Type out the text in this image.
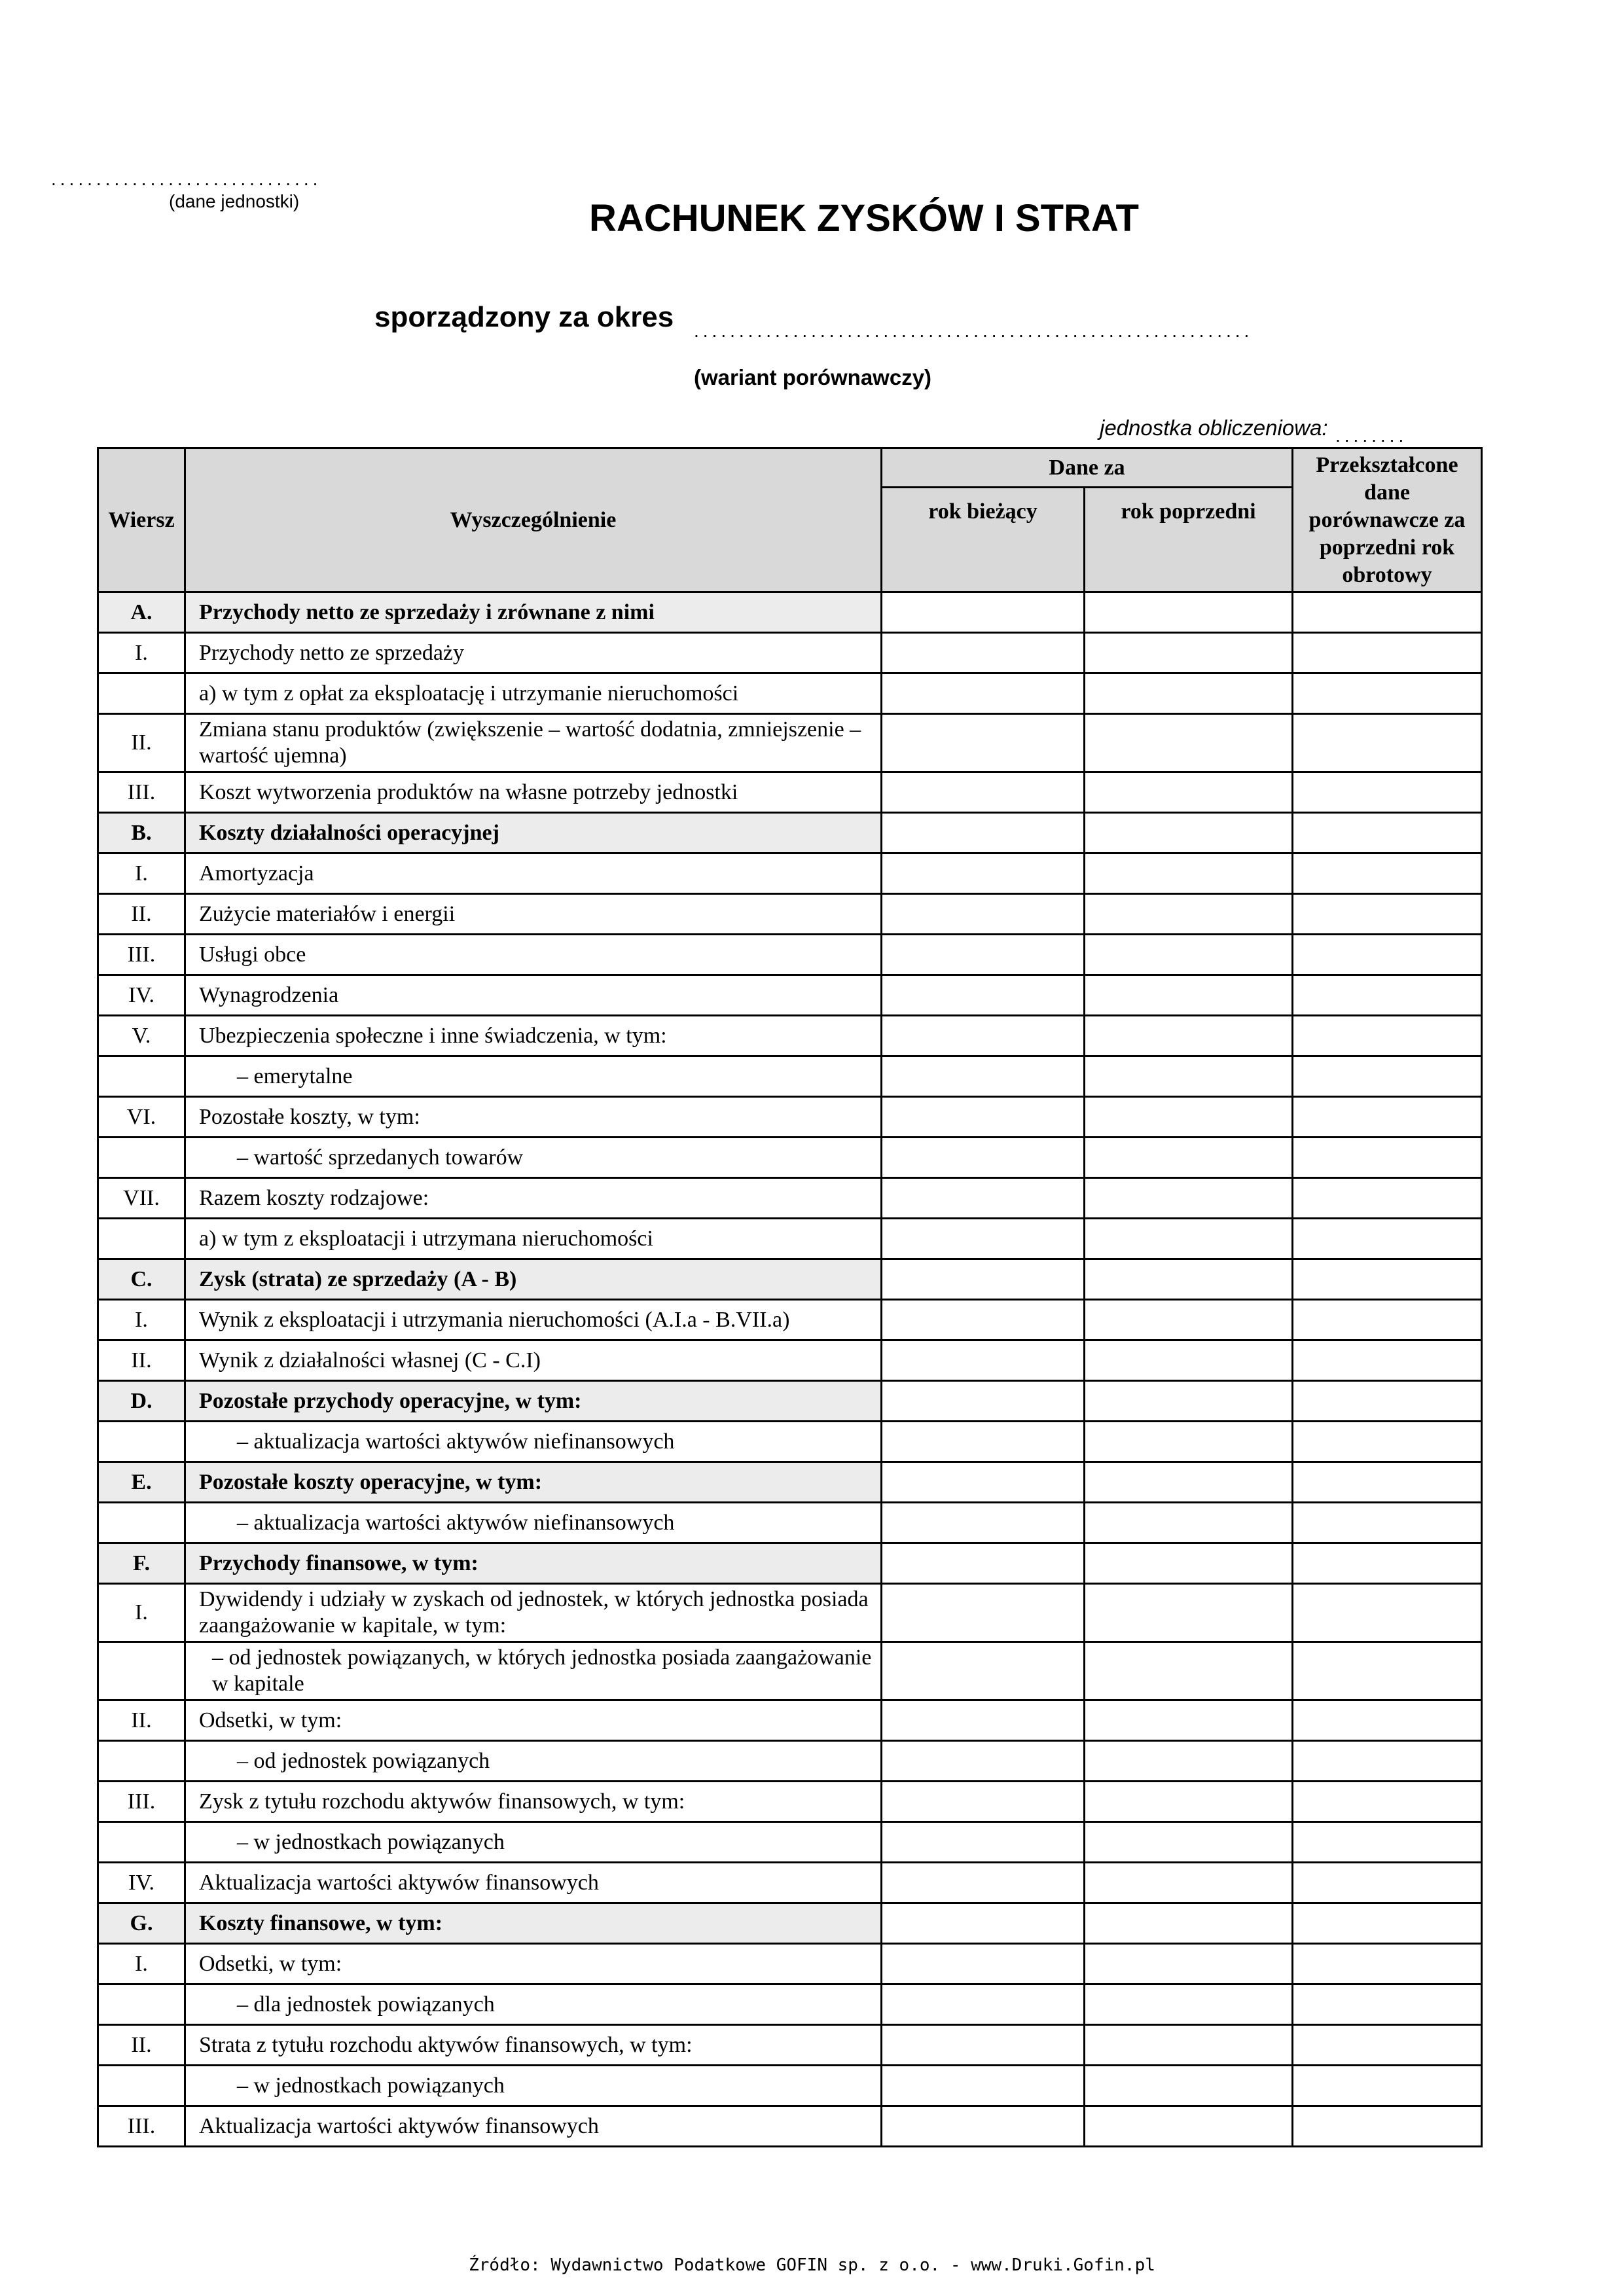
..............................
(dane jednostki)	RACHUNEK ZYSKÓW I STRAT
sporządzony za okres ..............................................................
(wariant porównawczy)
jednostka obliczeniowa: ........
Wiersz	Wyszczególnienie	Dane za		Przekształcone dane porównawcze za poprzedni rok obrotowy
		rok bieżący	rok poprzedni	
A.	Przychody netto ze sprzedaży i zrównane z nimi			
I.	Przychody netto ze sprzedaży			
	a) w tym z opłat za eksploatację i utrzymanie nieruchomości			
II.	Zmiana stanu produktów (zwiększenie – wartość dodatnia, zmniejszenie – wartość ujemna)			
III.	Koszt wytworzenia produktów na własne potrzeby jednostki			
B.	Koszty działalności operacyjnej			
I.	Amortyzacja			
II.	Zużycie materiałów i energii			
III.	Usługi obce			
IV.	Wynagrodzenia			
V.	Ubezpieczenia społeczne i inne świadczenia, w tym:			
	– emerytalne			
VI.	Pozostałe koszty, w tym:			
	– wartość sprzedanych towarów			
VII.	Razem koszty rodzajowe:			
	a) w tym z eksploatacji i utrzymana nieruchomości			
C.	Zysk (strata) ze sprzedaży (A - B)			
I.	Wynik z eksploatacji i utrzymania nieruchomości (A.I.a - B.VII.a)			
II.	Wynik z działalności własnej (C - C.I)			
D.	Pozostałe przychody operacyjne, w tym:			
	– aktualizacja wartości aktywów niefinansowych			
E.	Pozostałe koszty operacyjne, w tym:			
	– aktualizacja wartości aktywów niefinansowych			
F.	Przychody finansowe, w tym:			
I.	Dywidendy i udziały w zyskach od jednostek, w których jednostka posiada zaangażowanie w kapitale, w tym:			
	– od jednostek powiązanych, w których jednostka posiada zaangażowanie w kapitale			
II.	Odsetki, w tym:			
	– od jednostek powiązanych			
III.	Zysk z tytułu rozchodu aktywów finansowych, w tym:			
	– w jednostkach powiązanych			
IV.	Aktualizacja wartości aktywów finansowych			
G.	Koszty finansowe, w tym:			
I.	Odsetki, w tym:			
	– dla jednostek powiązanych			
II.	Strata z tytułu rozchodu aktywów finansowych, w tym:			
	– w jednostkach powiązanych			
III.	Aktualizacja wartości aktywów finansowych			
Źródło: Wydawnictwo Podatkowe GOFIN sp. z o.o. - www.Druki.Gofin.pl
